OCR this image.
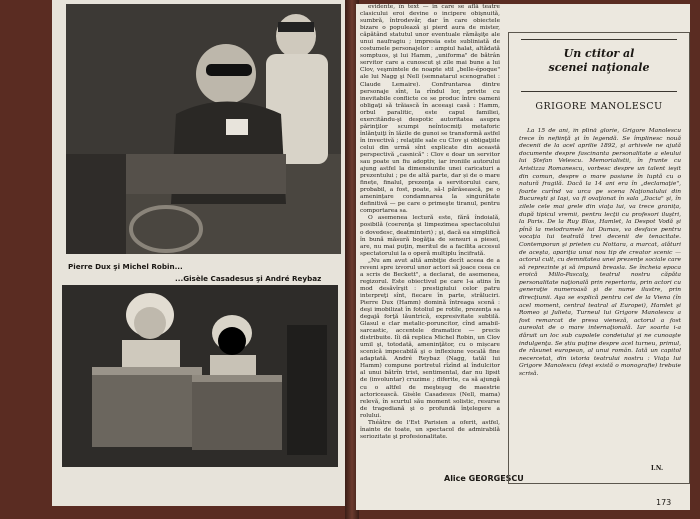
Pierre Dux şi Michel Robin...
...Gisèle Casadesus şi André Reybaz

evidente, în text — în care se află teatre clasicului eroi devine o incipere obişnuită, sumbră, întrodevăr, dar în care obiectele bizare o populează şi pierd aura de mister, căpătând statutul unor eventuale rămăşiţe ale unui naufragiu ; impresia este subliniată de costumele personajelor : ampiul halat, altădată somptuos, şi lui Hamm, „uniforma" de bătrân servitor care a cunoscut şi zile mai bune a lui Clov, veşmintele de noapte stil „belle-époque" ale lui Nagg şi Nell (semnatarul scenografiei : Claude Lemaire). Confruntarea dintre personaje sînt, la rîndul lor, privite cu inevitabile conflicte ce se produc între oameni obligaţi să trăiască în aceeaşi casă : Hamm, orbul paralitic, este capul familiei, exercitându-şi despotic autoritatea asupra părinţilor scumpi neîntocmiţi metaforic înlănţuiţi în lăzile de gunoi se transformă astfel în invectivă ; relaţiile sale cu Clov şi obligaţiile celui din urmă sînt explicate din această perspectivă „casnică" : Clov e doar un servitor sau poate un fiu adoptiv, iar ironiile autorului ajung astfel la dimensiunile unei caricaturi a prezentului ; pe de altă parte, dar și de o mare finețe, finalul, prezenţa a servitorului care, probabil, a fost, poate, să-l părăsească, pe o amenințare condamnarea la singurătate definitivă — pe care o primeşte tiranul, pentru comportarea sa.

O asemenea lectură este, fără îndoială, posibilă (coerenţa şi limpezimea spectacolului o dovedesc, deatminteri) ; şi, dacă ea simplifică în bună măsură bogăţia de sensuri a piesei, are, nu mai puţin, meritul de a facilita accesul spectatorului la o operă multiplu încifrată.

„Nu am avut altă ambiţie decît aceea de a reveni spre izvorul unor actori să joace ceea ce a scris de Beckett", a declarat, de asemenea, regizorul. Este obiectivul pe care l-a atins în mod desăvîrşit : prestigiului celor patru interpreţi sînt, fiecare în parte, străluciri. Pierre Dux (Hamm) domină întreaga scenă : deşi imobilizat în fotoliul pe rotile, prezenţa sa degajă forţă lăuntrică, expresivitate subtilă. Glasul e clar metalic-poruncitor, cînd amabil-sarcastic, accentele dramatice — precis distribuite. Iîi dă replica Michel Robin, un Clov umil şi, totodată, ameninţător, cu o mișcare scenică impecabilă şi o inflexiune vocală fine adaptată. André Reybaz (Nagg, tatăl lui Hamm) compune portretul rîzînd al îndulcitor al unui bătrîn trist, sentimental, dar nu lipsit de (involuntar) cruzime ; diferite, ca să ajungă cu o altfel de meşteşug de maestrie actoricească. Gisèle Casadesus (Nell, mama) relevă, în scurtul său moment solistic, resurse de tragediană şi o profundă înţelegere a rolului.

Théâtre de l'Est Parisien a oferit, astfel, înainte de toate, un spectacol de admirabilă seriozitate şi profesionalitate.

Alice GEORGESCU
Un ctitor al
scenei naţionale
GRIGORE MANOLESCU

La 15 de ani, în plină glorie, Grigore Manolescu trece în nefiinţă şi în legendă. Se împlinesc nouă decenii de la acel aprilie 1892, şi arhivele ne ajută documente despre fascinanta personalitate a eleului lui Ştefan Velescu. Memorialistii, în frunte cu Aristizza Romanescu, vorbesc despre un talent ieşit din comun, despre o mare pasiune în luptă cu o natură fragilă. Dacă la 14 ani era în „declamaţie", foarte curînd va urca pe scena Naţionalului din Bucureşti şi Iaşi, va fi ovaţionat în sala „Dacia" şi, în zilele cele mai grele din viaţa lui, va trece granița, după tipicul vremii, pentru lecţii cu profesori iluştri, la Paris. De la Ruy Blas, Hamlet, la Despot Vodă şi pînă la melodramele lui Dumas, va desface pentru vocaţia lui teatrală trei decenii de tenacitate. Contemporan şi prieten cu Nottara, a marcat, alături de aceşta, apariţia unui nou tip de creator scenic — actorul cult, cu demnitatea unei prezenţe sociale care să reprezinte şi să impună breasla. Se încheia epoca eroică Millo-Pascaly, teatrul nostru căpăta personalitate naţională prin repertoriu, prin actori cu generaţie numeroasă şi de nume ilustre, prin direcţiunii. Aşa se explică pentru cel de la Viena (în acel moment, central teatral al Europei), Hamlet şi Romeo şi Julieta, Turneul lui Grigore Manolescu a fost remarcat de presa vieneză, actorul a fost aureolat de o mare internaţională. Iar soarta i-a dăruit un loc sub cupolele condeiului şi ne cunoaşte indulgenţa. Se știu puţine despre acel turneu, primul, de răsunet european, al unui român. Iată un capitol necercetat, din istoria teatrului nostru : Viaţa lui Grigore Manolescu (deşi există o monografie) trebuie scrisă.

I.N.
173
